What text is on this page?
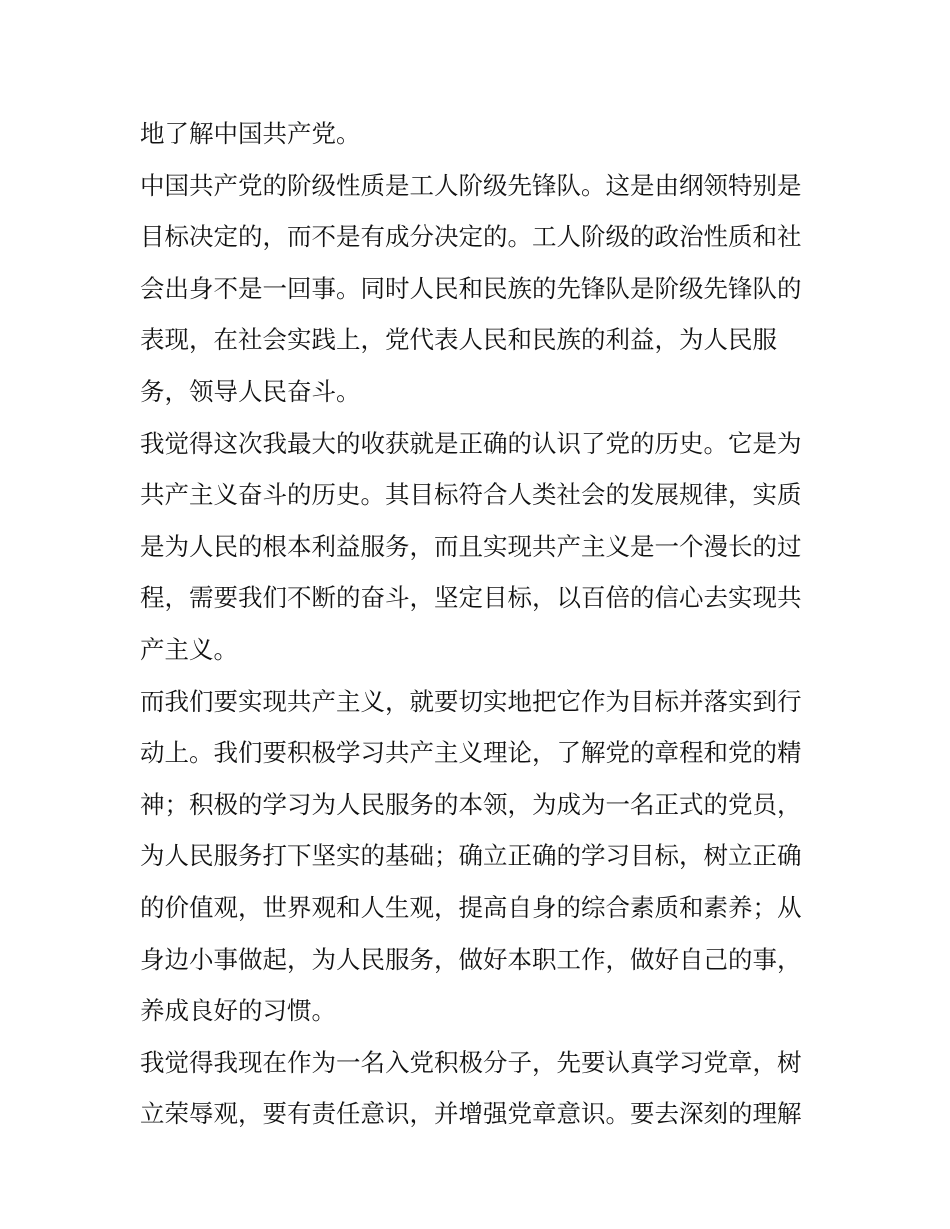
地了解中国共产党。
中国共产党的阶级性质是工人阶级先锋队。这是由纲领特别是
目标决定的，而不是有成分决定的。工人阶级的政治性质和社
会出身不是一回事。同时人民和民族的先锋队是阶级先锋队的
表现，在社会实践上，党代表人民和民族的利益，为人民服
务，领导人民奋斗。
我觉得这次我最大的收获就是正确的认识了党的历史。它是为
共产主义奋斗的历史。其目标符合人类社会的发展规律，实质
是为人民的根本利益服务，而且实现共产主义是一个漫长的过
程，需要我们不断的奋斗，坚定目标，以百倍的信心去实现共
产主义。
而我们要实现共产主义，就要切实地把它作为目标并落实到行
动上。我们要积极学习共产主义理论，了解党的章程和党的精
神；积极的学习为人民服务的本领，为成为一名正式的党员，
为人民服务打下坚实的基础；确立正确的学习目标，树立正确
的价值观，世界观和人生观，提高自身的综合素质和素养；从
身边小事做起，为人民服务，做好本职工作，做好自己的事，
养成良好的习惯。
我觉得我现在作为一名入党积极分子，先要认真学习党章，树
立荣辱观，要有责任意识，并增强党章意识。要去深刻的理解
